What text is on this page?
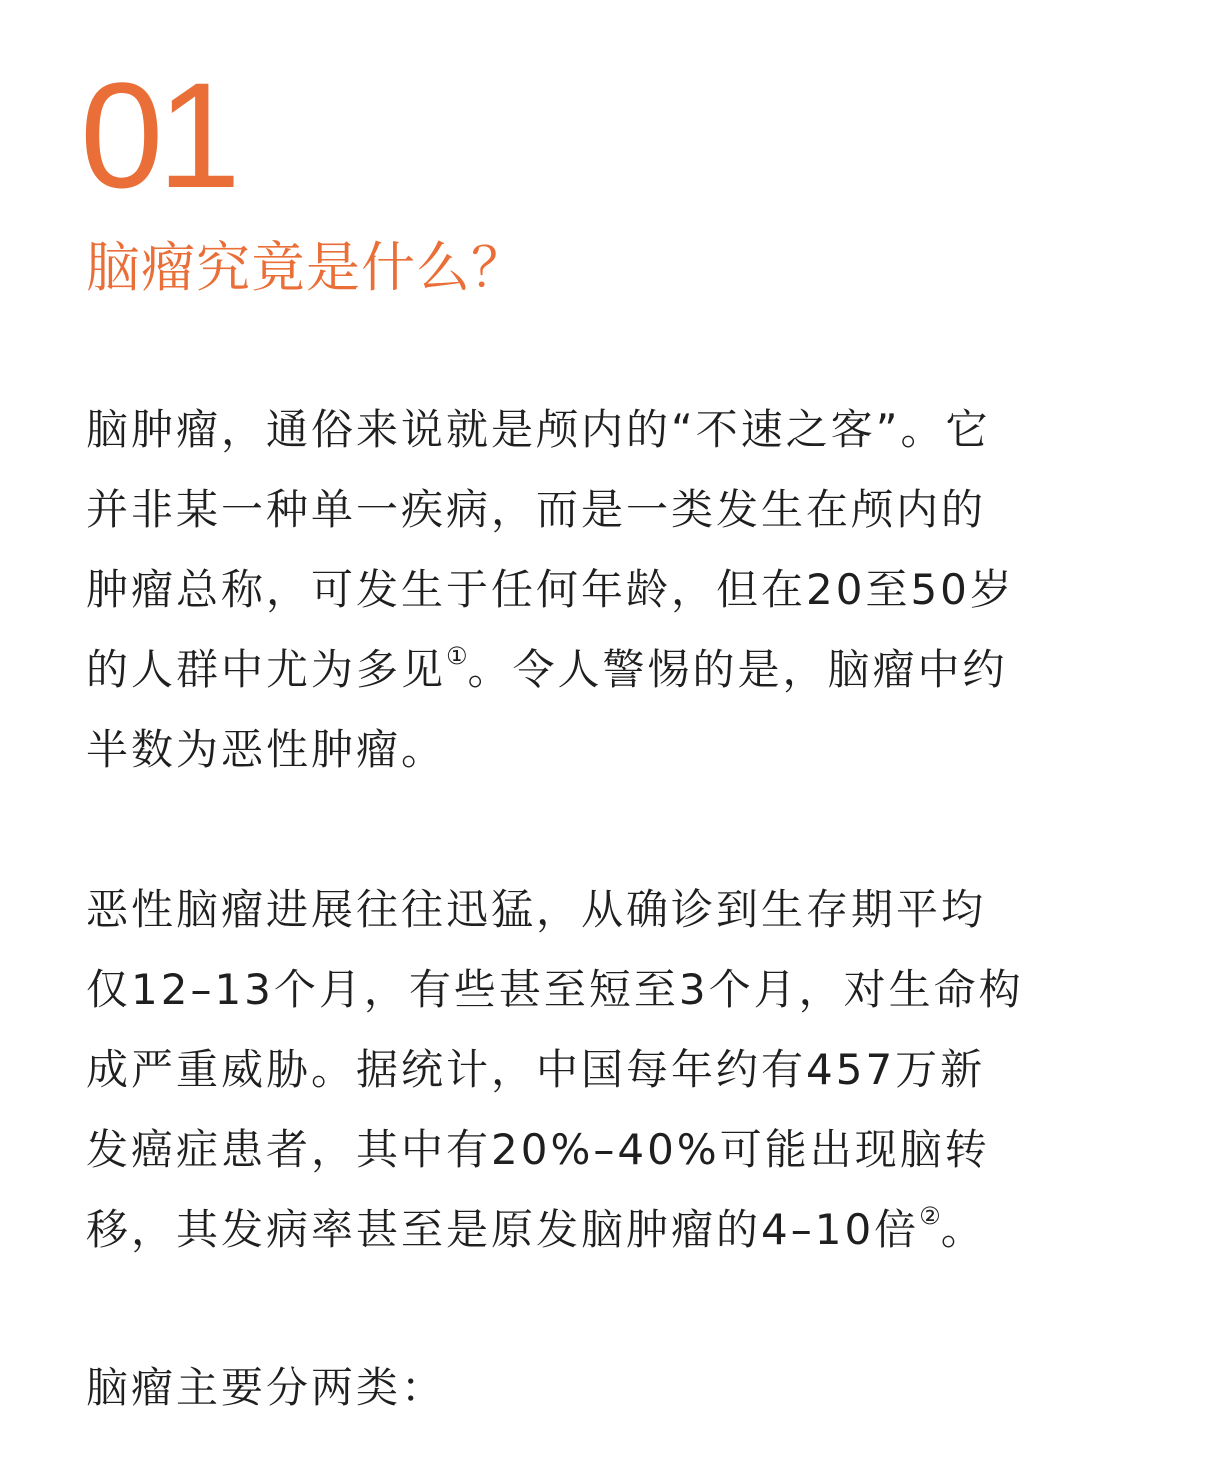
01
脑瘤究竟是什么？

脑肿瘤，通俗来说就是颅内的“不速之客”。它
并非某一种单一疾病，而是一类发生在颅内的
肿瘤总称，可发生于任何年龄，但在20至50岁
的人群中尤为多见①。令人警惕的是，脑瘤中约
半数为恶性肿瘤。

恶性脑瘤进展往往迅猛，从确诊到生存期平均
仅12–13个月，有些甚至短至3个月，对生命构
成严重威胁。据统计，中国每年约有457万新
发癌症患者，其中有20%–40%可能出现脑转
移，其发病率甚至是原发脑肿瘤的4–10倍②。

脑瘤主要分两类：
